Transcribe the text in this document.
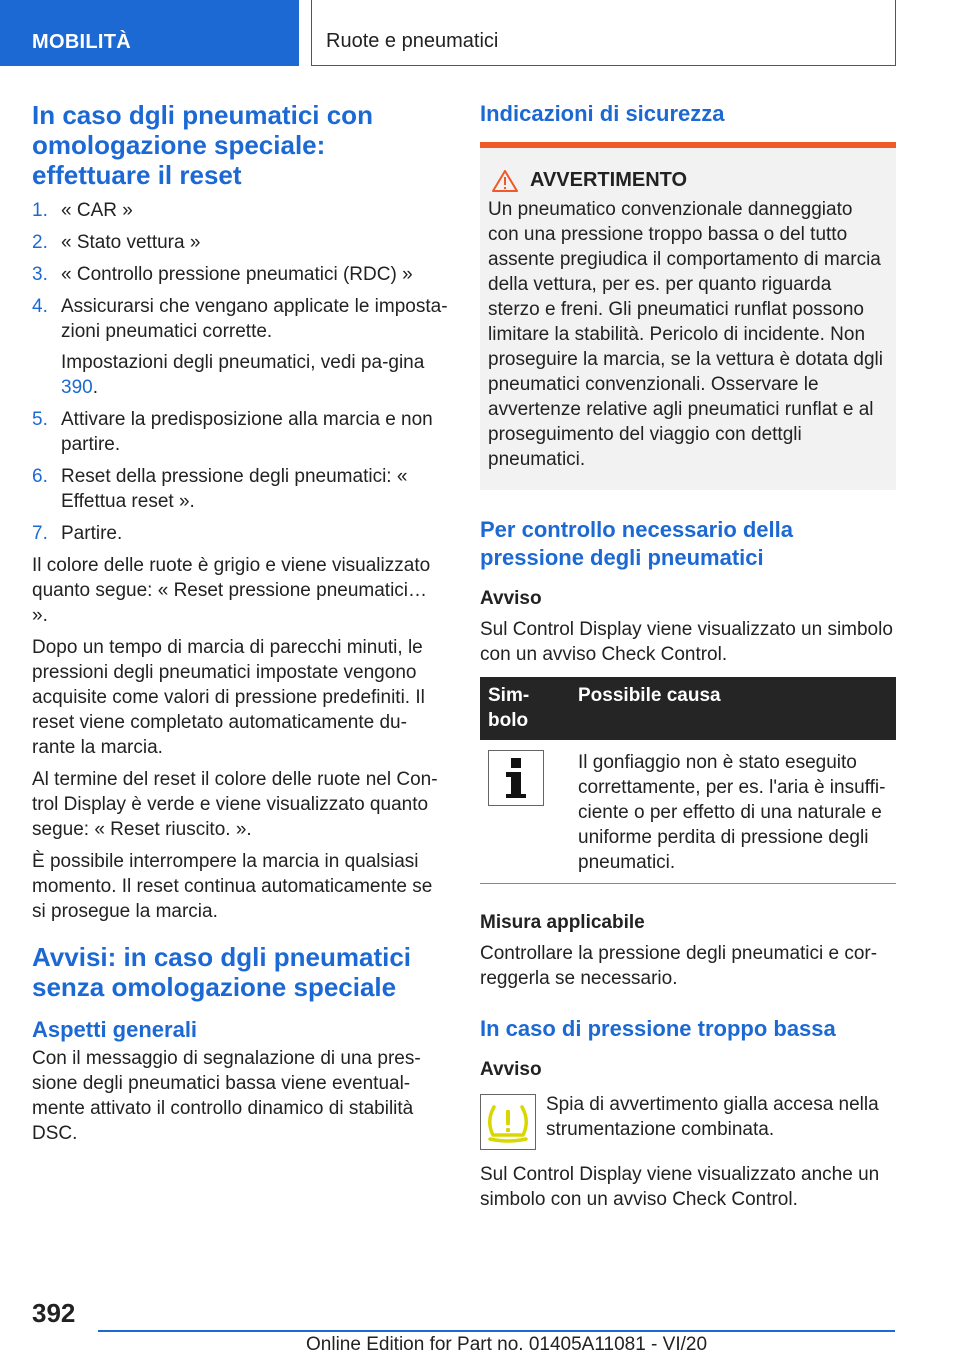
MOBILITÀ	Ruote e pneumatici
In caso dgli pneumatici con omologazione speciale: effettuare il reset
1. « CAR »
2. « Stato vettura »
3. « Controllo pressione pneumatici (RDC) »
4. Assicurarsi che vengano applicate le imposta-zioni pneumatici corrette.
Impostazioni degli pneumatici, vedi pa-gina 390.
5. Attivare la predisposizione alla marcia e non partire.
6. Reset della pressione degli pneumatici: « Effettua reset ».
7. Partire.

Il colore delle ruote è grigio e viene visualizzato quanto segue: « Reset pressione pneumatici… ».

Dopo un tempo di marcia di parecchi minuti, le pressioni degli pneumatici impostate vengono acquisite come valori di pressione predefiniti. Il reset viene completato automaticamente du-rante la marcia.

Al termine del reset il colore delle ruote nel Con-trol Display è verde e viene visualizzato quanto segue: « Reset riuscito. ».

È possibile interrompere la marcia in qualsiasi momento. Il reset continua automaticamente se si prosegue la marcia.

Avvisi: in caso dgli pneumatici senza omologazione speciale
Aspetti generali

Con il messaggio di segnalazione di una pres-sione degli pneumatici bassa viene eventual-mente attivato il controllo dinamico di stabilità DSC.

Indicazioni di sicurezza
AVVERTIMENTO

Un pneumatico convenzionale danneggiato con una pressione troppo bassa o del tutto assente pregiudica il comportamento di marcia della vettura, per es. per quanto riguarda sterzo e freni. Gli pneumatici runflat possono limitare la stabilità. Pericolo di incidente. Non proseguire la marcia, se la vettura è dotata dgli pneumatici convenzionali. Osservare le avvertenze relative agli pneumatici runflat e al proseguimento del viaggio con dettgli pneumatici.

Per controllo necessario della pressione degli pneumatici
Avviso

Sul Control Display viene visualizzato un simbolo con un avviso Check Control.

Sim-bolo	Possibile causa

	Il gonfiaggio non è stato eseguito correttamente, per es. l'aria è insuffi-ciente o per effetto di una naturale e uniforme perdita di pressione degli pneumatici.
Misura applicabile

Controllare la pressione degli pneumatici e cor-reggerla se necessario.

In caso di pressione troppo bassa
Avviso

Spia di avvertimento gialla accesa nella strumentazione combinata.

Sul Control Display viene visualizzato anche un simbolo con un avviso Check Control.

392
Online Edition for Part no. 01405A11081 - VI/20
